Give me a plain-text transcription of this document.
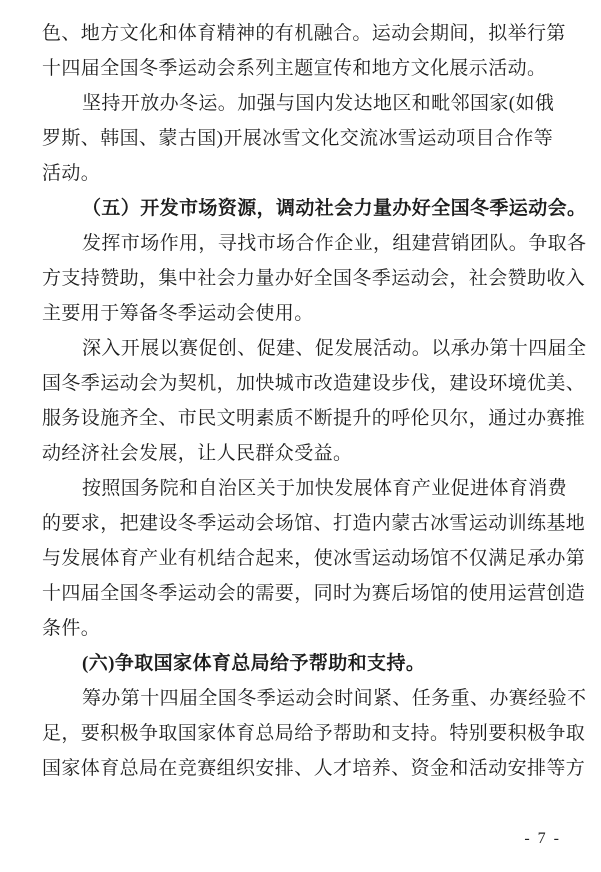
色、地方文化和体育精神的有机融合。运动会期间，拟举行第
十四届全国冬季运动会系列主题宣传和地方文化展示活动。
坚持开放办冬运。加强与国内发达地区和毗邻国家(如俄
罗斯、韩国、蒙古国)开展冰雪文化交流冰雪运动项目合作等
活动。
（五）开发市场资源，调动社会力量办好全国冬季运动会。
发挥市场作用，寻找市场合作企业，组建营销团队。争取各
方支持赞助，集中社会力量办好全国冬季运动会，社会赞助收入
主要用于筹备冬季运动会使用。
深入开展以赛促创、促建、促发展活动。以承办第十四届全
国冬季运动会为契机，加快城市改造建设步伐，建设环境优美、
服务设施齐全、市民文明素质不断提升的呼伦贝尔，通过办赛推
动经济社会发展，让人民群众受益。
按照国务院和自治区关于加快发展体育产业促进体育消费
的要求，把建设冬季运动会场馆、打造内蒙古冰雪运动训练基地
与发展体育产业有机结合起来，使冰雪运动场馆不仅满足承办第
十四届全国冬季运动会的需要，同时为赛后场馆的使用运营创造
条件。
(六)争取国家体育总局给予帮助和支持。
筹办第十四届全国冬季运动会时间紧、任务重、办赛经验不
足，要积极争取国家体育总局给予帮助和支持。特别要积极争取
国家体育总局在竞赛组织安排、人才培养、资金和活动安排等方
- 7 -
